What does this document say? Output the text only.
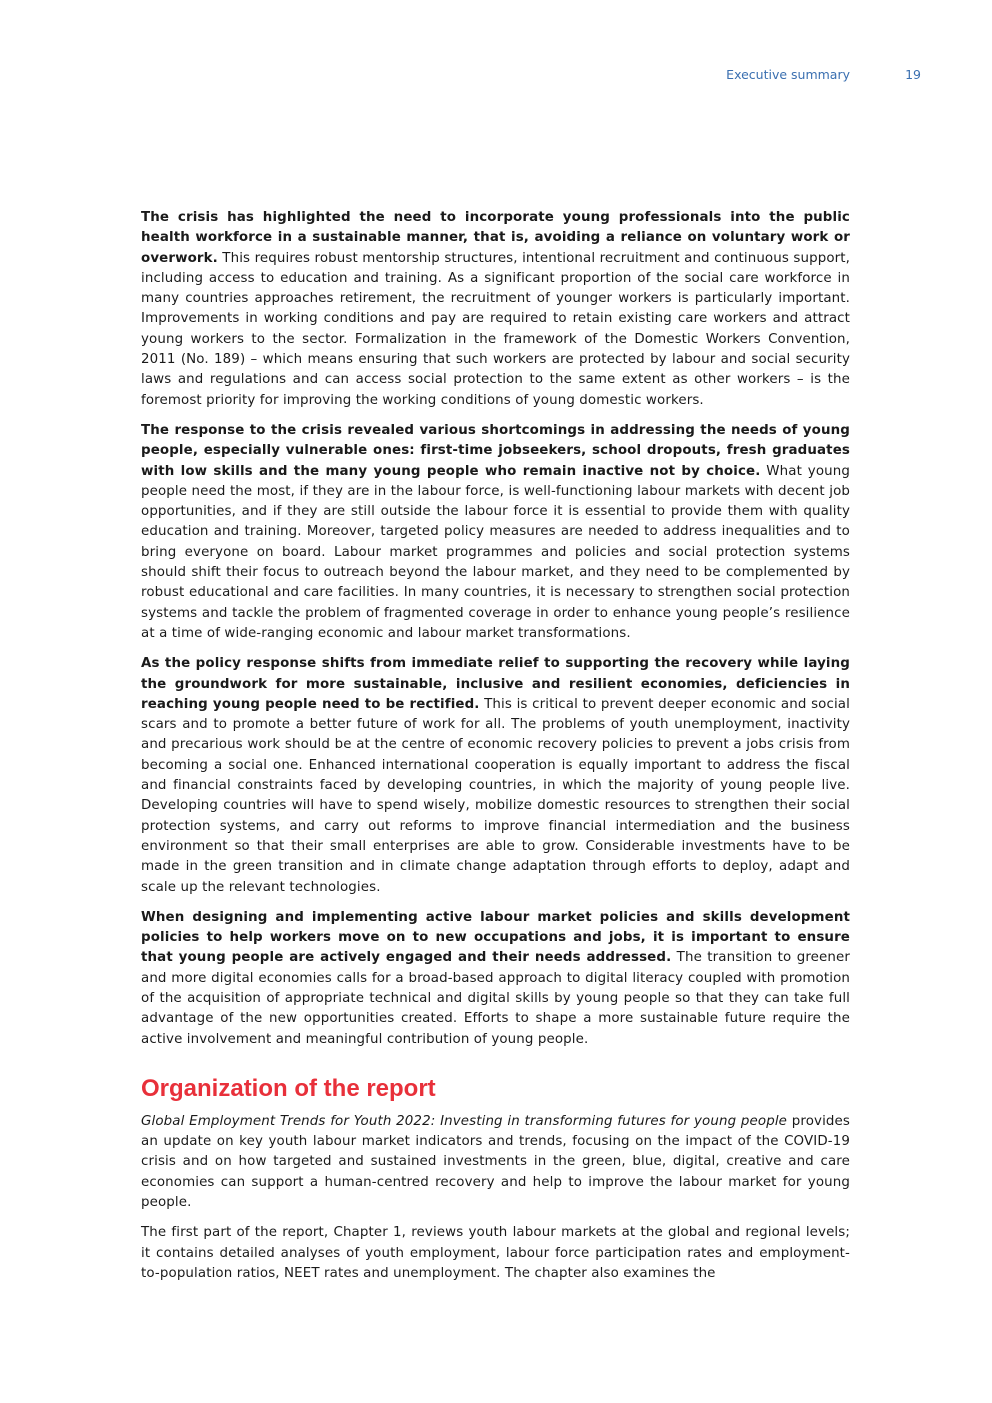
Executive summary	19

The crisis has highlighted the need to incorporate young professionals into the public health workforce in a sustainable manner, that is, avoiding a reliance on voluntary work or overwork. This requires robust mentorship structures, intentional recruitment and continuous support, including access to education and training. As a significant proportion of the social care workforce in many countries approaches retirement, the recruitment of younger workers is particularly important. Improvements in working conditions and pay are required to retain existing care workers and attract young workers to the sector. Formalization in the framework of the Domestic Workers Convention, 2011 (No. 189) – which means ensuring that such workers are protected by labour and social security laws and regulations and can access social protection to the same extent as other workers – is the foremost priority for improving the working conditions of young domestic workers.

The response to the crisis revealed various shortcomings in addressing the needs of young people, especially vulnerable ones: first-time jobseekers, school dropouts, fresh graduates with low skills and the many young people who remain inactive not by choice. What young people need the most, if they are in the labour force, is well-functioning labour markets with decent job opportunities, and if they are still outside the labour force it is essential to provide them with quality education and training. Moreover, targeted policy measures are needed to address inequalities and to bring everyone on board. Labour market programmes and policies and social protection systems should shift their focus to outreach beyond the labour market, and they need to be complemented by robust educational and care facilities. In many countries, it is necessary to strengthen social protection systems and tackle the problem of fragmented coverage in order to enhance young people’s resilience at a time of wide-ranging economic and labour market transformations.

As the policy response shifts from immediate relief to supporting the recovery while laying the groundwork for more sustainable, inclusive and resilient economies, deficiencies in reaching young people need to be rectified. This is critical to prevent deeper economic and social scars and to promote a better future of work for all. The problems of youth unemployment, inactivity and precarious work should be at the centre of economic recovery policies to prevent a jobs crisis from becoming a social one. Enhanced international cooperation is equally important to address the fiscal and financial constraints faced by developing countries, in which the majority of young people live. Developing countries will have to spend wisely, mobilize domestic resources to strengthen their social protection systems, and carry out reforms to improve financial intermediation and the business environment so that their small enterprises are able to grow. Considerable investments have to be made in the green transition and in climate change adaptation through efforts to deploy, adapt and scale up the relevant technologies.

When designing and implementing active labour market policies and skills development policies to help workers move on to new occupations and jobs, it is important to ensure that young people are actively engaged and their needs addressed. The transition to greener and more digital economies calls for a broad-based approach to digital literacy coupled with promotion of the acquisition of appropriate technical and digital skills by young people so that they can take full advantage of the new opportunities created. Efforts to shape a more sustainable future require the active involvement and meaningful contribution of young people.

Organization of the report

Global Employment Trends for Youth 2022: Investing in transforming futures for young people provides an update on key youth labour market indicators and trends, focusing on the impact of the COVID-19 crisis and on how targeted and sustained investments in the green, blue, digital, creative and care economies can support a human-centred recovery and help to improve the labour market for young people.

The first part of the report, Chapter 1, reviews youth labour markets at the global and regional levels; it contains detailed analyses of youth employment, labour force participation rates and employment-to-population ratios, NEET rates and unemployment. The chapter also examines the
